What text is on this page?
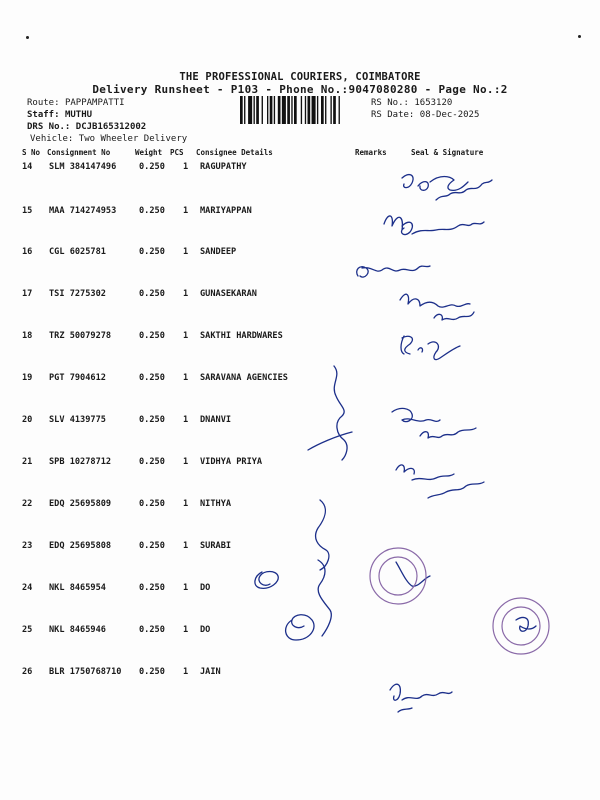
THE PROFESSIONAL COURIERS, COIMBATORE
Delivery Runsheet - P103 - Phone No.:9047080280 - Page No.:2
Route: PAPPAMPATTI
Staff: MUTHU
DRS No.: DCJB165312002
Vehicle: Two Wheeler Delivery
RS No.: 1653120
RS Date: 08-Dec-2025
S No Consignment No	Weight PCS Consignee Details	Remarks	Seal & Signature
14 SLM 384147496	0.250 1 RAGUPATHY
15 MAA 714274953	0.250 1 MARIYAPPAN
16 CGL 6025781	0.250 1 SANDEEP
17 TSI 7275302	0.250 1 GUNASEKARAN
18 TRZ 50079278	0.250 1 SAKTHI HARDWARES
19 PGT 7904612	0.250 1 SARAVANA AGENCIES
20 SLV 4139775	0.250 1 DNANVI
21 SPB 10278712	0.250 1 VIDHYA PRIYA
22 EDQ 25695809	0.250 1 NITHYA
23 EDQ 25695808	0.250 1 SURABI
24 NKL 8465954	0.250 1 DO
25 NKL 8465946	0.250 1 DO
26 BLR 1750768710 0.250 1 JAIN
